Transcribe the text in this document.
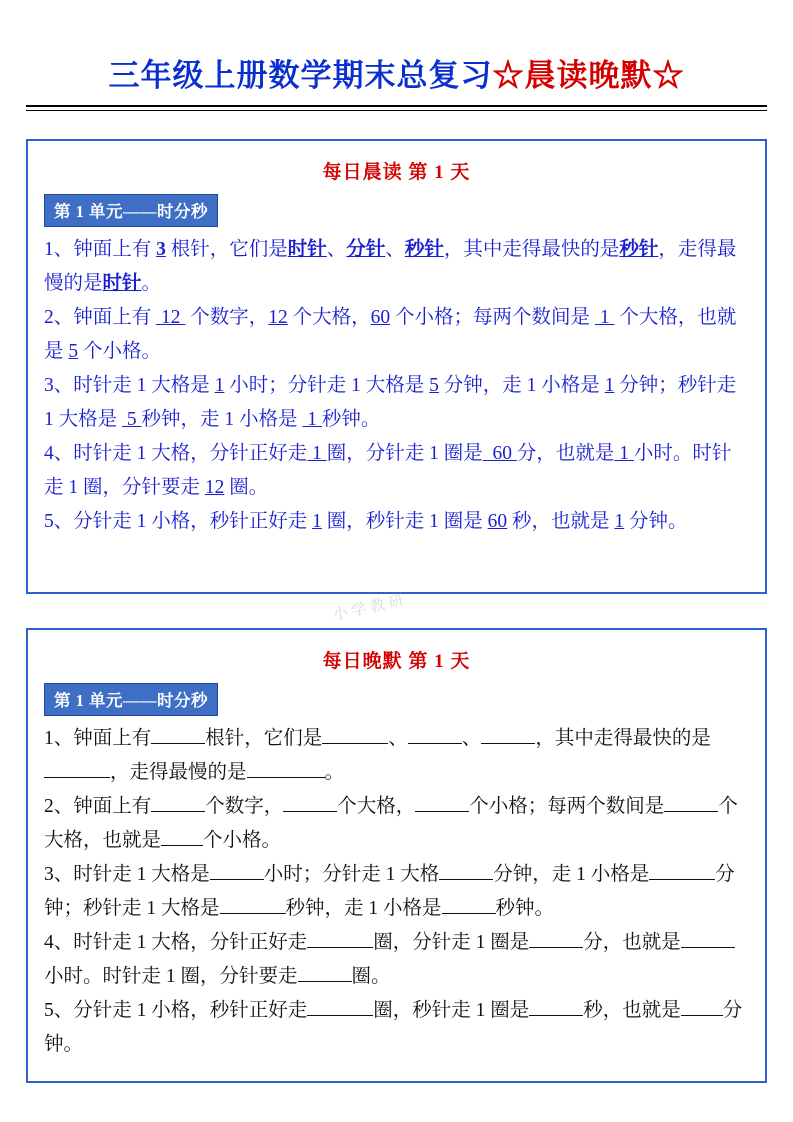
三年级上册数学期末总复习☆晨读晚默☆
每日晨读 第 1 天
第 1 单元——时分秒

1、钟面上有 3 根针，它们是时针、分针、秒针，其中走得最快的是秒针，走得最慢的是时针。

2、钟面上有  12  个数字，12 个大格，60 个小格；每两个数间是  1  个大格，也就是 5 个小格。

3、时针走 1 大格是 1 小时；分针走 1 大格是 5 分钟，走 1 小格是 1 分钟；秒针走 1 大格是  5 秒钟，走 1 小格是  1 秒钟。

4、时针走 1 大格，分针正好走 1 圈，分针走 1 圈是  60 分，也就是 1 小时。时针走 1 圈，分针要走 12 圈。

5、分针走 1 小格，秒针正好走 1 圈，秒针走 1 圈是 60 秒，也就是 1 分钟。

小学教研
每日晚默 第 1 天
第 1 单元——时分秒

1、钟面上有	根针，它们是	、	、	，其中走得最快的是，走得最慢的是	。

2、钟面上有	个数字，	个大格，	个小格；每两个数间是	个大格，也就是 个小格。

3、时针走 1 大格是	小时；分针走 1 大格	分钟，走 1 小格是	分钟；秒针走 1 大格是	秒钟，走 1 小格是	秒钟。

4、时针走 1 大格，分针正好走	圈，分针走 1 圈是	分，也就是小时。时针走 1 圈，分针要走	圈。

5、分针走 1 小格，秒针正好走	圈，秒针走 1 圈是	秒，也就是 分钟。
